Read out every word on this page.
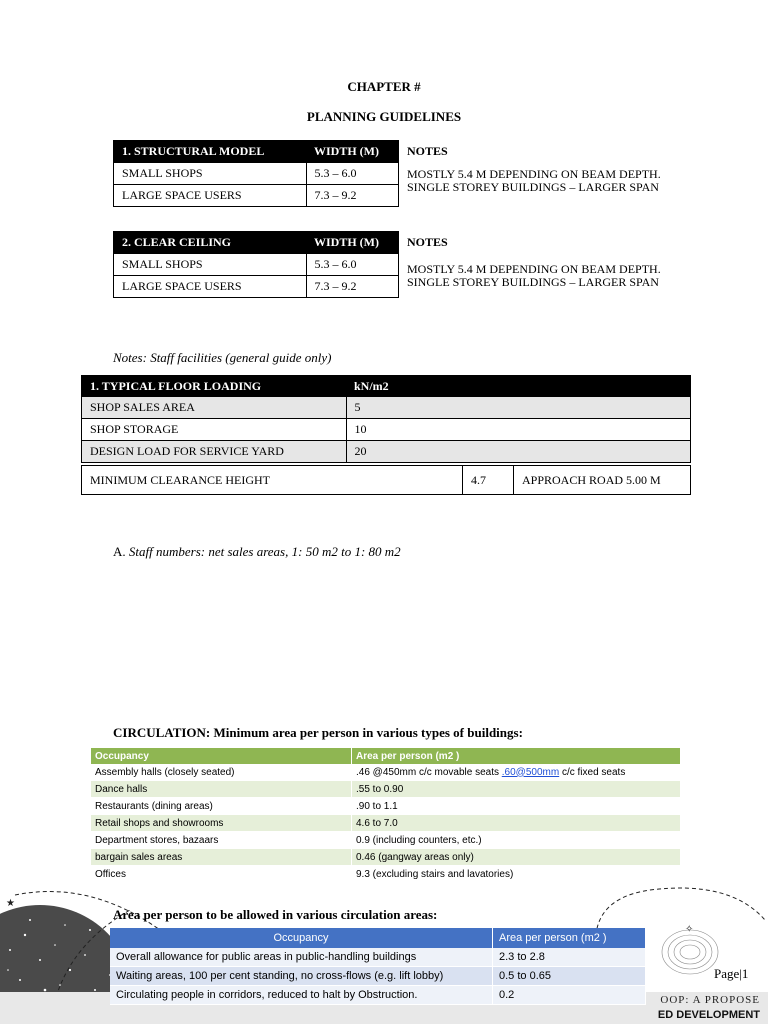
★
✧
CHAPTER #
PLANNING GUIDELINES
1. STRUCTURAL MODEL	WIDTH (M)
SMALL SHOPS	5.3 – 6.0
LARGE SPACE USERS	7.3 – 9.2
NOTES
MOSTLY 5.4 M DEPENDING ON BEAM DEPTH.
SINGLE STOREY BUILDINGS – LARGER SPAN
2. CLEAR CEILING	WIDTH (M)
SMALL SHOPS	5.3 – 6.0
LARGE SPACE USERS	7.3 – 9.2
NOTES
MOSTLY 5.4 M DEPENDING ON BEAM DEPTH.
SINGLE STOREY BUILDINGS – LARGER SPAN
Notes: Staff facilities (general guide only)
1. TYPICAL FLOOR LOADING	kN/m2
SHOP SALES AREA	5
SHOP STORAGE	10
DESIGN LOAD FOR SERVICE YARD	20
MINIMUM CLEARANCE HEIGHT	4.7	APPROACH ROAD 5.00 M
A. Staff numbers: net sales areas, 1: 50 m2 to 1: 80 m2
CIRCULATION: Minimum area per person in various types of buildings:
Occupancy	Area per person (m2 )
Assembly halls (closely seated)	.46 @450mm c/c movable seats .60@500mm c/c fixed seats
Dance halls	.55 to 0.90
Restaurants (dining areas)	.90 to 1.1
Retail shops and showrooms	4.6 to 7.0
Department stores, bazaars	0.9 (including counters, etc.)
bargain sales areas	0.46 (gangway areas only)
Offices	9.3 (excluding stairs and lavatories)
Area per person to be allowed in various circulation areas:
OOP: A PROPOSE
ED DEVELOPMENT
Occupancy	Area per person (m2 )
Overall allowance for public areas in public-handling buildings	2.3 to 2.8
Waiting areas, 100 per cent standing, no cross-flows (e.g. lift lobby)	0.5 to 0.65
Circulating people in corridors, reduced to halt by Obstruction.	0.2
Page|1
